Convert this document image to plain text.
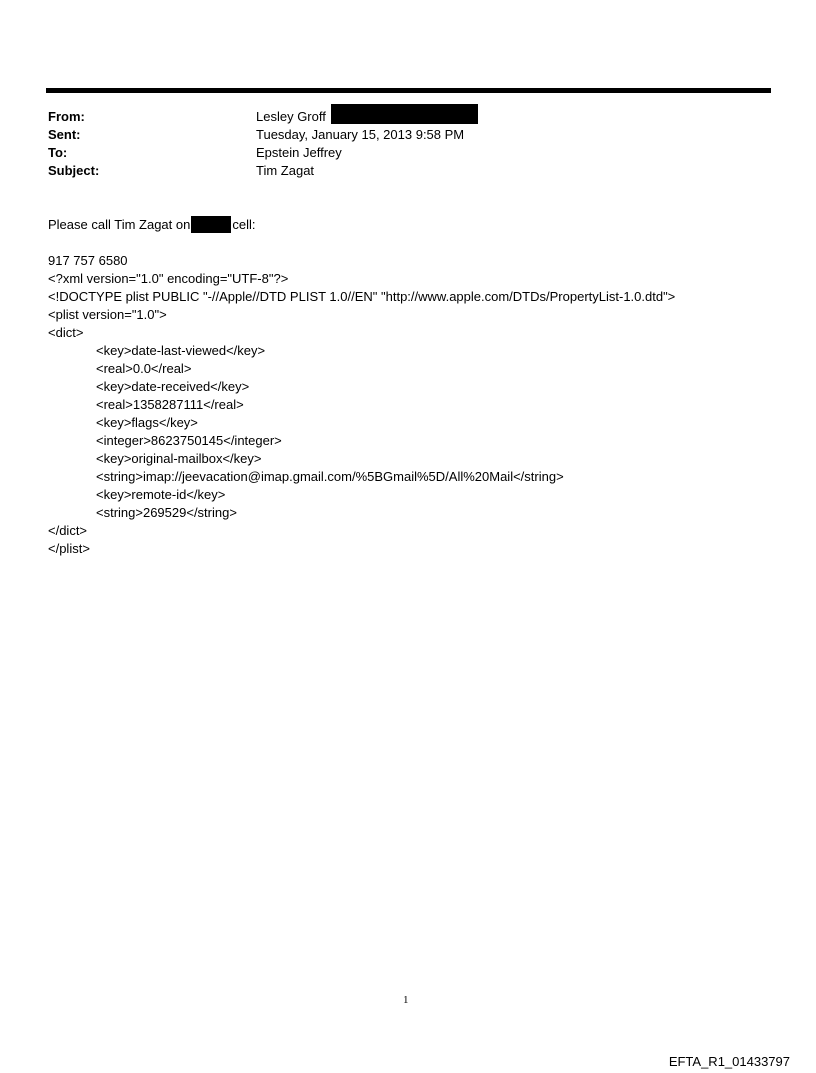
From:	Lesley Groff
Sent:	Tuesday, January 15, 2013 9:58 PM
To:	Epstein Jeffrey
Subject:	Tim Zagat
Please call Tim Zagat on	cell:
917 757 6580
<?xml version="1.0" encoding="UTF-8"?>
<!DOCTYPE plist PUBLIC "-//Apple//DTD PLIST 1.0//EN" "http://www.apple.com/DTDs/PropertyList-1.0.dtd">
<plist version="1.0">
<dict>
<key>date-last-viewed</key>
<real>0.0</real>
<key>date-received</key>
<real>1358287111</real>
<key>flags</key>
<integer>8623750145</integer>
<key>original-mailbox</key>
<string>imap://jeevacation@imap.gmail.com/%5BGmail%5D/All%20Mail</string>
<key>remote-id</key>
<string>269529</string>
</dict>
</plist>
1
EFTA_R1_01433797
